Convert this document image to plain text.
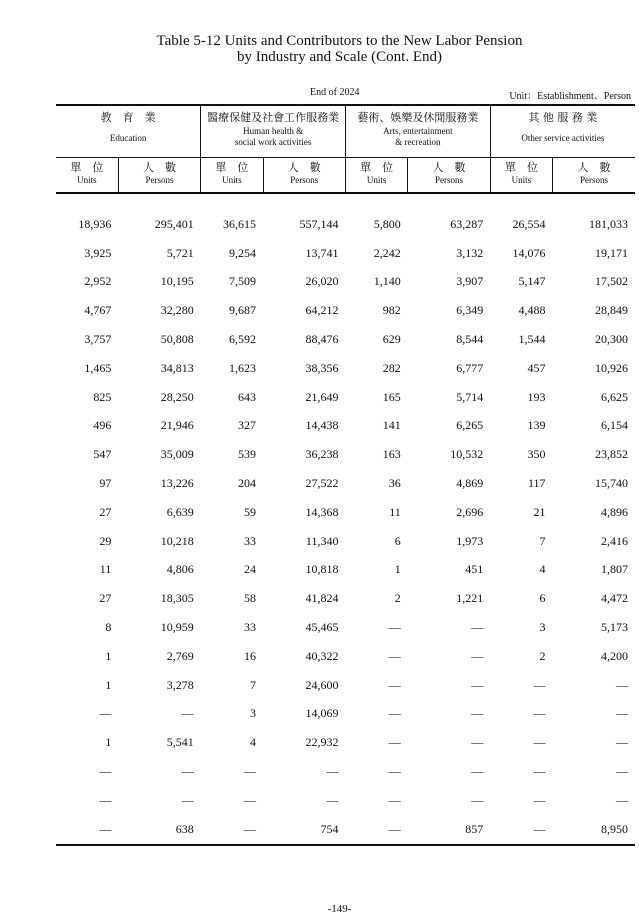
Table 5-12 Units and Contributors to the New Labor Pension
by Industry and Scale (Cont. End)
End of 2024	Unit：Establishment、Person
教　育　業
Education		醫療保健及社會工作服務業
Human health &
social work activities		藝術、娛樂及休閒服務業
Arts, entertainment
& recreation		其 他 服 務 業
Other service activities	

單　位
Units	人　數
Persons	單　位
Units	人　數
Persons	單　位
Units	人　數
Persons	單　位
Units	人　數
Persons

18,936	295,401	36,615	557,144	5,800	63,287	26,554	181,033
3,925	5,721	9,254	13,741	2,242	3,132	14,076	19,171
2,952	10,195	7,509	26,020	1,140	3,907	5,147	17,502
4,767	32,280	9,687	64,212	982	6,349	4,488	28,849
3,757	50,808	6,592	88,476	629	8,544	1,544	20,300
1,465	34,813	1,623	38,356	282	6,777	457	10,926
825	28,250	643	21,649	165	5,714	193	6,625
496	21,946	327	14,438	141	6,265	139	6,154
547	35,009	539	36,238	163	10,532	350	23,852
97	13,226	204	27,522	36	4,869	117	15,740
27	6,639	59	14,368	11	2,696	21	4,896
29	10,218	33	11,340	6	1,973	7	2,416
11	4,806	24	10,818	1	451	4	1,807
27	18,305	58	41,824	2	1,221	6	4,472
8	10,959	33	45,465	—	—	3	5,173
1	2,769	16	40,322	—	—	2	4,200
1	3,278	7	24,600	—	—	—	—
—	—	3	14,069	—	—	—	—
1	5,541	4	22,932	—	—	—	—
—	—	—	—	—	—	—	—
—	—	—	—	—	—	—	—
—	638	—	754	—	857	—	8,950
-149-
